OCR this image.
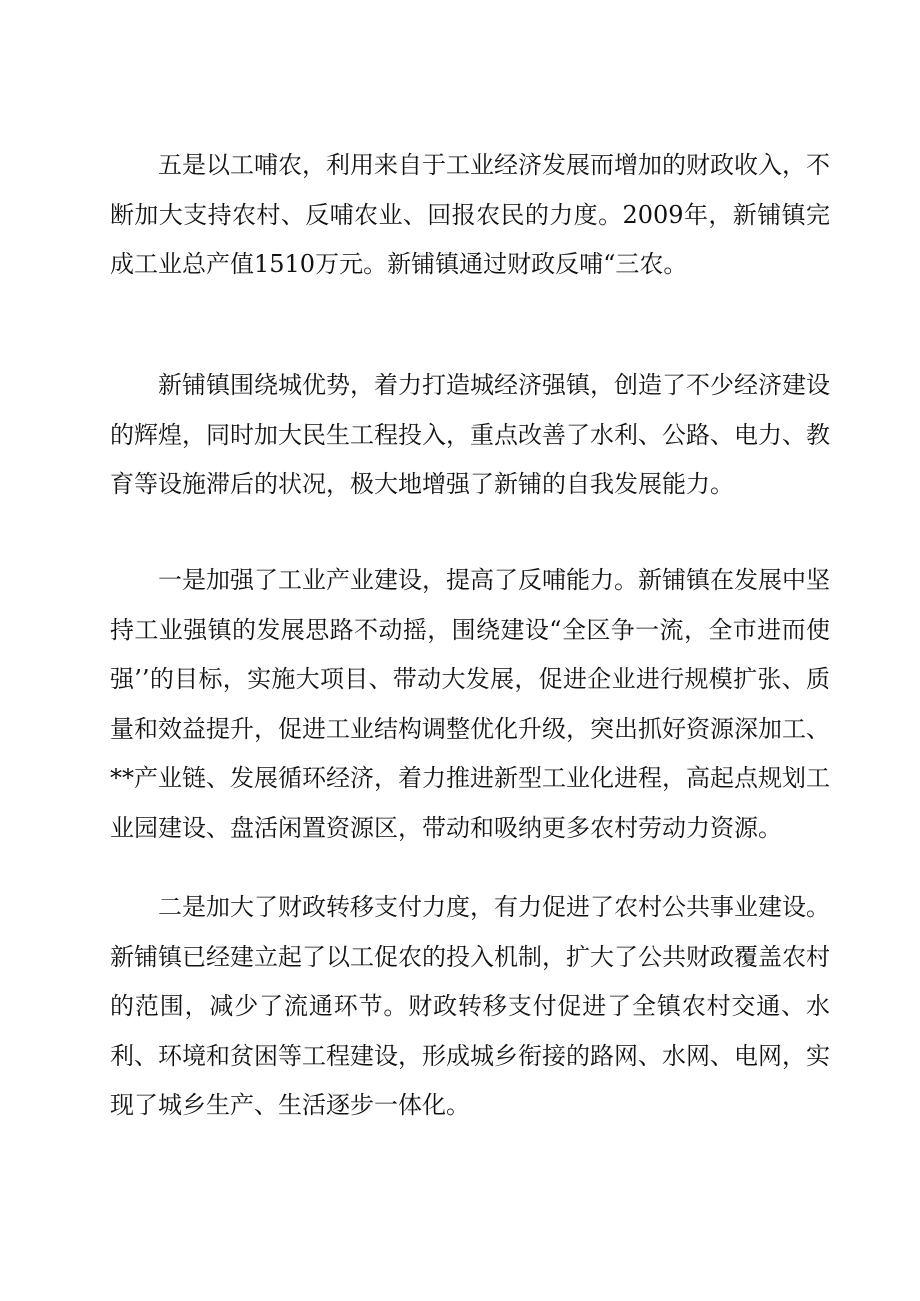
五是以工哺农，利用来自于工业经济发展而增加的财政收入，不断加大支持农村、反哺农业、回报农民的力度。2009年，新铺镇完成工业总产值1510万元。新铺镇通过财政反哺“三农。

新铺镇围绕城优势，着力打造城经济强镇，创造了不少经济建设的辉煌，同时加大民生工程投入，重点改善了水利、公路、电力、教育等设施滞后的状况，极大地增强了新铺的自我发展能力。

一是加强了工业产业建设，提高了反哺能力。新铺镇在发展中坚持工业强镇的发展思路不动摇，围绕建设“全区争一流，全市进而使强’’的目标，实施大项目、带动大发展，促进企业进行规模扩张、质量和效益提升，促进工业结构调整优化升级，突出抓好资源深加工、**产业链、发展循环经济，着力推进新型工业化进程，高起点规划工业园建设、盘活闲置资源区，带动和吸纳更多农村劳动力资源。

二是加大了财政转移支付力度，有力促进了农村公共事业建设。新铺镇已经建立起了以工促农的投入机制，扩大了公共财政覆盖农村的范围，减少了流通环节。财政转移支付促进了全镇农村交通、水利、环境和贫困等工程建设，形成城乡衔接的路网、水网、电网，实现了城乡生产、生活逐步一体化。
